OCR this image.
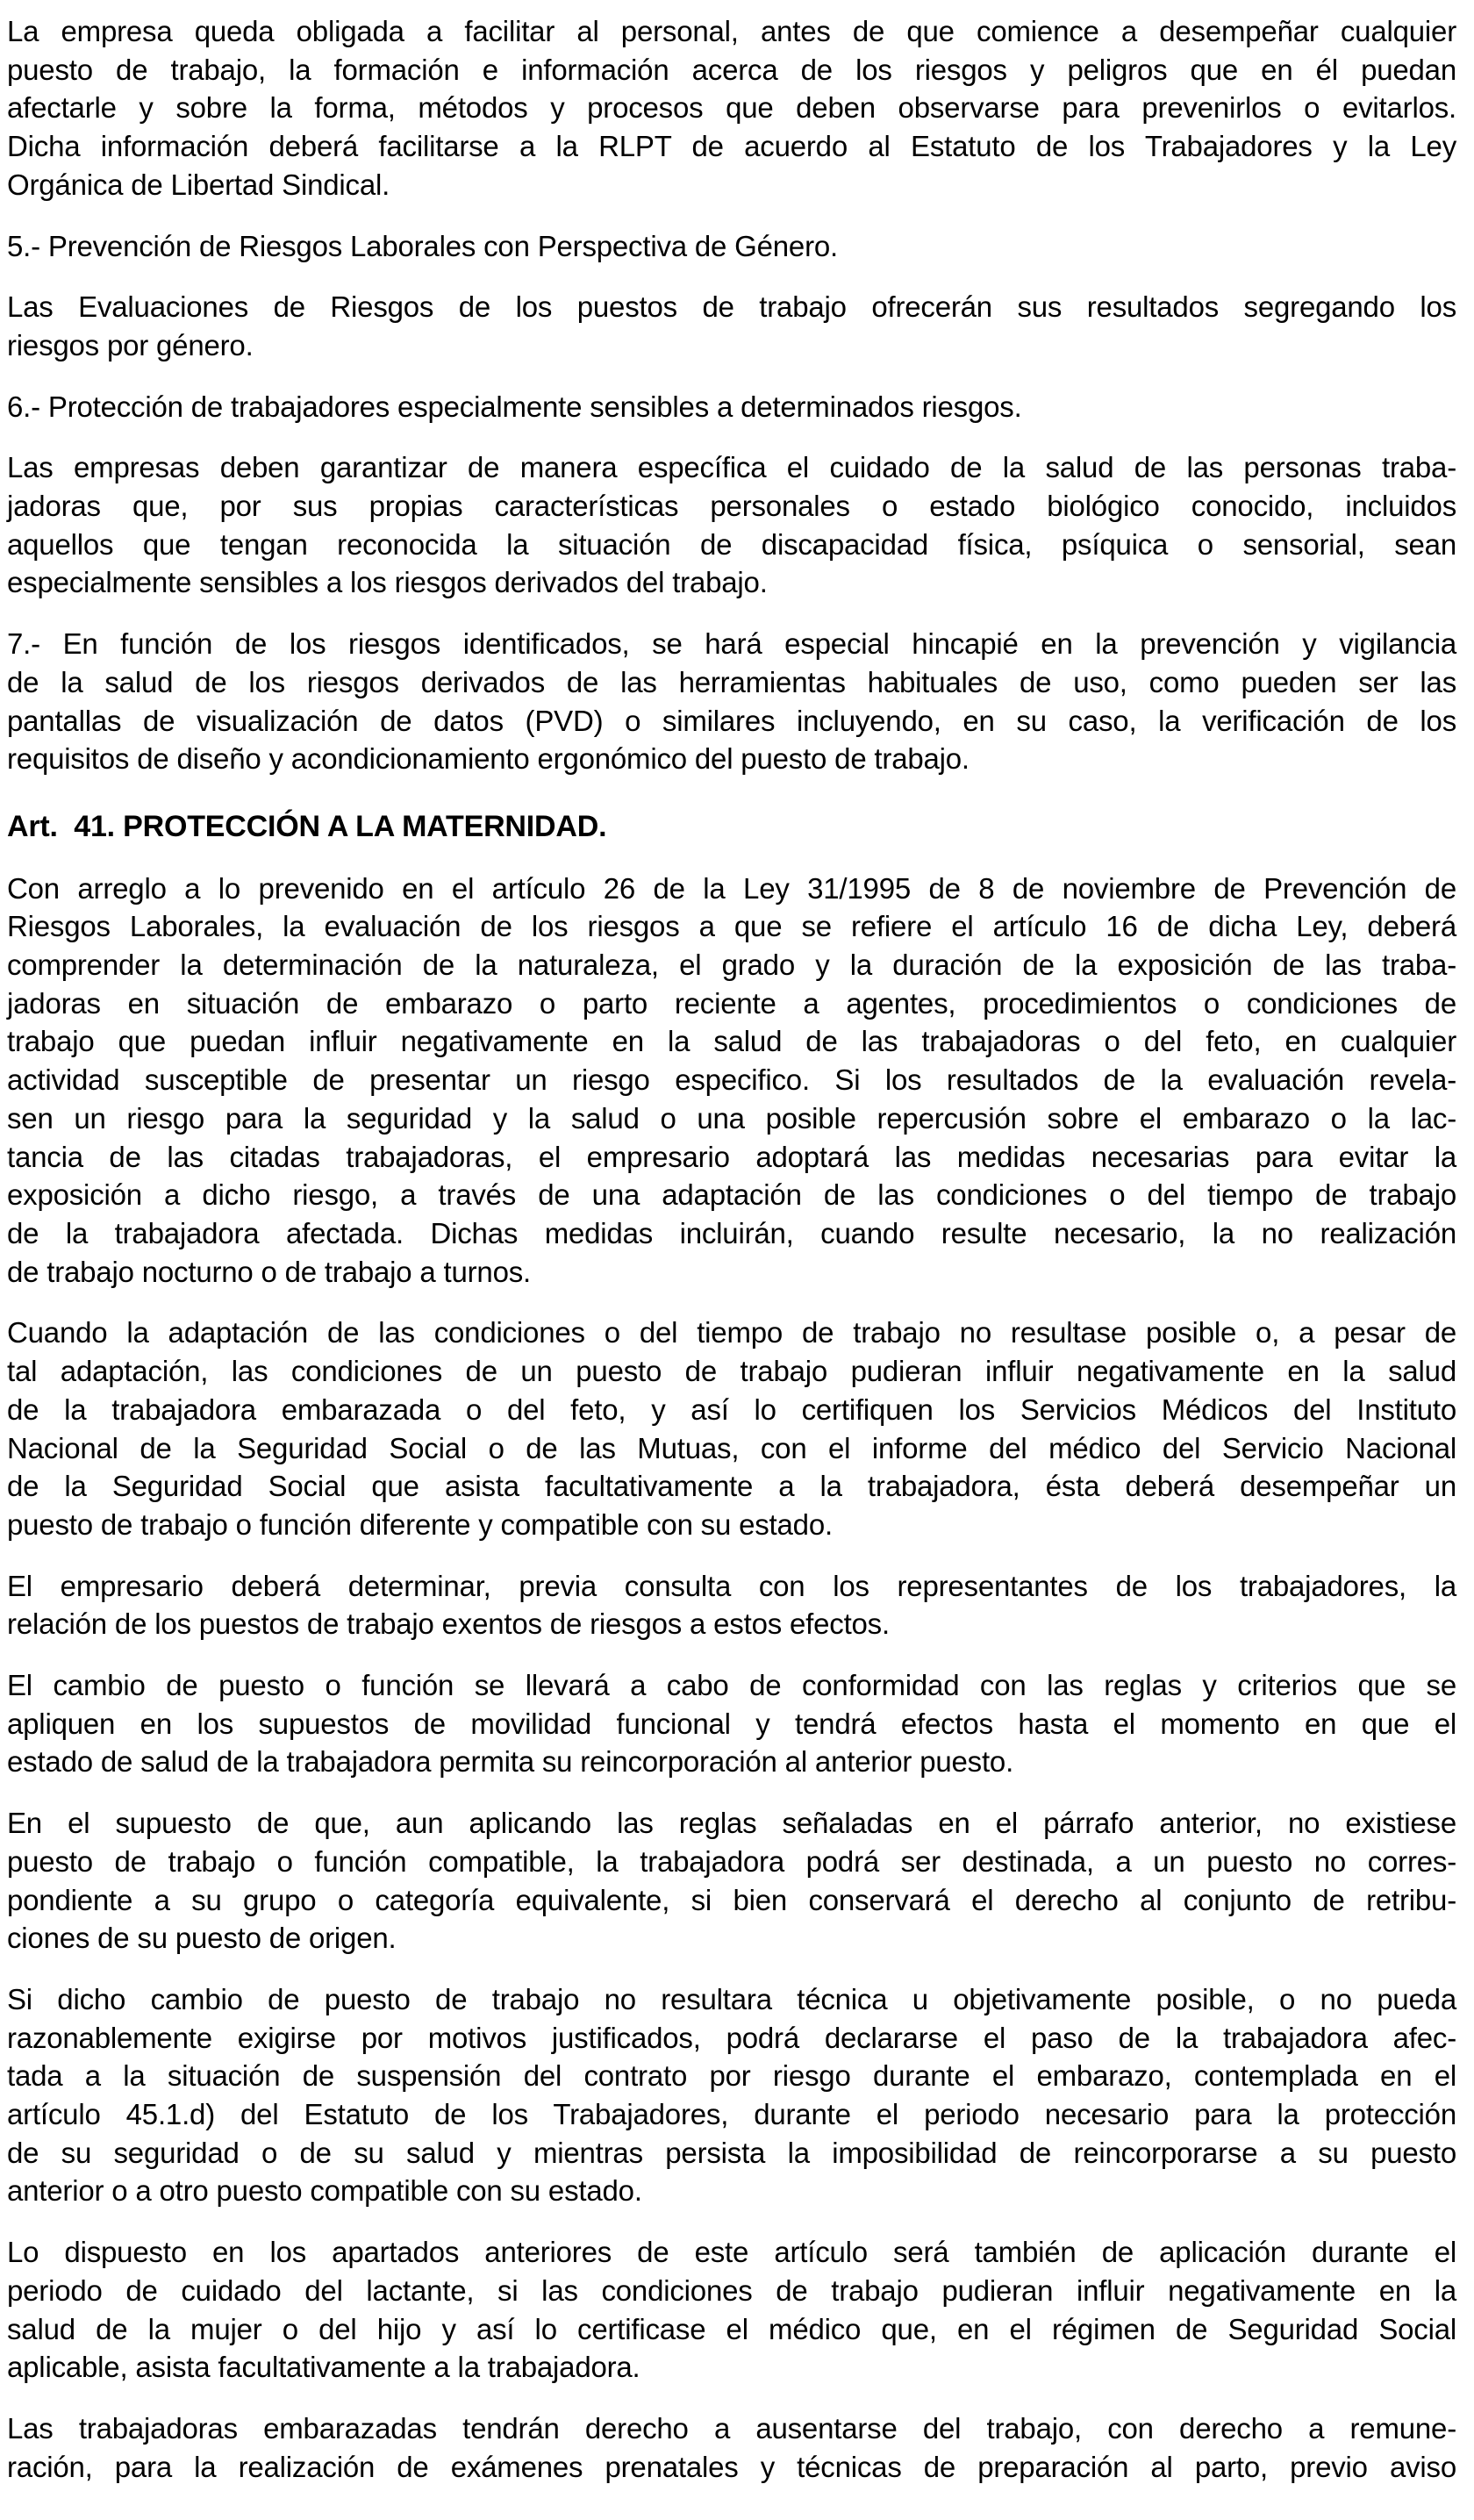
La empresa queda obligada a facilitar al personal, antes de que comience a desempeñar cualquier
puesto de trabajo, la formación e información acerca de los riesgos y peligros que en él puedan
afectarle y sobre la forma, métodos y procesos que deben observarse para prevenirlos o evitarlos.
Dicha información deberá facilitarse a la RLPT de acuerdo al Estatuto de los Trabajadores y la Ley
Orgánica de Libertad Sindical.
5.- Prevención de Riesgos Laborales con Perspectiva de Género.
Las Evaluaciones de Riesgos de los puestos de trabajo ofrecerán sus resultados segregando los
riesgos por género.
6.- Protección de trabajadores especialmente sensibles a determinados riesgos.
Las empresas deben garantizar de manera específica el cuidado de la salud de las personas traba-
jadoras que, por sus propias características personales o estado biológico conocido, incluidos
aquellos que tengan reconocida la situación de discapacidad física, psíquica o sensorial, sean
especialmente sensibles a los riesgos derivados del trabajo.
7.- En función de los riesgos identificados, se hará especial hincapié en la prevención y vigilancia
de la salud de los riesgos derivados de las herramientas habituales de uso, como pueden ser las
pantallas de visualización de datos (PVD) o similares incluyendo, en su caso, la verificación de los
requisitos de diseño y acondicionamiento ergonómico del puesto de trabajo.
Art.  41. PROTECCIÓN A LA MATERNIDAD.
Con arreglo a lo prevenido en el artículo 26 de la Ley 31/1995 de 8 de noviembre de Prevención de
Riesgos Laborales, la evaluación de los riesgos a que se refiere el artículo 16 de dicha Ley, deberá
comprender la determinación de la naturaleza, el grado y la duración de la exposición de las traba-
jadoras en situación de embarazo o parto reciente a agentes, procedimientos o condiciones de
trabajo que puedan influir negativamente en la salud de las trabajadoras o del feto, en cualquier
actividad susceptible de presentar un riesgo especifico. Si los resultados de la evaluación revela-
sen un riesgo para la seguridad y la salud o una posible repercusión sobre el embarazo o la lac-
tancia de las citadas trabajadoras, el empresario adoptará las medidas necesarias para evitar la
exposición a dicho riesgo, a través de una adaptación de las condiciones o del tiempo de trabajo
de la trabajadora afectada. Dichas medidas incluirán, cuando resulte necesario, la no realización
de trabajo nocturno o de trabajo a turnos.
Cuando la adaptación de las condiciones o del tiempo de trabajo no resultase posible o, a pesar de
tal adaptación, las condiciones de un puesto de trabajo pudieran influir negativamente en la salud
de la trabajadora embarazada o del feto, y así lo certifiquen los Servicios Médicos del Instituto
Nacional de la Seguridad Social o de las Mutuas, con el informe del médico del Servicio Nacional
de la Seguridad Social que asista facultativamente a la trabajadora, ésta deberá desempeñar un
puesto de trabajo o función diferente y compatible con su estado.
El empresario deberá determinar, previa consulta con los representantes de los trabajadores, la
relación de los puestos de trabajo exentos de riesgos a estos efectos.
El cambio de puesto o función se llevará a cabo de conformidad con las reglas y criterios que se
apliquen en los supuestos de movilidad funcional y tendrá efectos hasta el momento en que el
estado de salud de la trabajadora permita su reincorporación al anterior puesto.
En el supuesto de que, aun aplicando las reglas señaladas en el párrafo anterior, no existiese
puesto de trabajo o función compatible, la trabajadora podrá ser destinada, a un puesto no corres-
pondiente a su grupo o categoría equivalente, si bien conservará el derecho al conjunto de retribu-
ciones de su puesto de origen.
Si dicho cambio de puesto de trabajo no resultara técnica u objetivamente posible, o no pueda
razonablemente exigirse por motivos justificados, podrá declararse el paso de la trabajadora afec-
tada a la situación de suspensión del contrato por riesgo durante el embarazo, contemplada en el
artículo 45.1.d) del Estatuto de los Trabajadores, durante el periodo necesario para la protección
de su seguridad o de su salud y mientras persista la imposibilidad de reincorporarse a su puesto
anterior o a otro puesto compatible con su estado.
Lo dispuesto en los apartados anteriores de este artículo será también de aplicación durante el
periodo de cuidado del lactante, si las condiciones de trabajo pudieran influir negativamente en la
salud de la mujer o del hijo y así lo certificase el médico que, en el régimen de Seguridad Social
aplicable, asista facultativamente a la trabajadora.
Las trabajadoras embarazadas tendrán derecho a ausentarse del trabajo, con derecho a remune-
ración, para la realización de exámenes prenatales y técnicas de preparación al parto, previo aviso
